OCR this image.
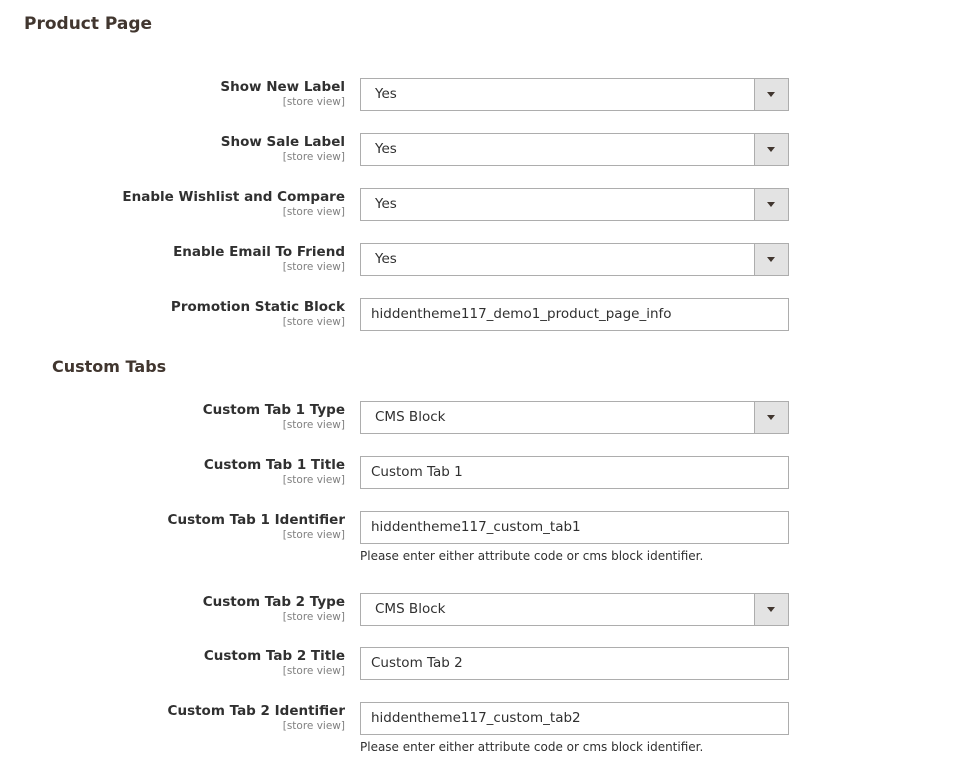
Product Page
Show New Label
[store view] Yes
Show Sale Label
[store view] Yes
Enable Wishlist and Compare
[store view] Yes
Enable Email To Friend
[store view] Yes
Promotion Static Block
[store view] hiddentheme117_demo1_product_page_info
Custom Tabs
Custom Tab 1 Type
[store view] CMS Block
Custom Tab 1 Title
[store view] Custom Tab 1
Custom Tab 1 Identifier
[store view] hiddentheme117_custom_tab1
Please enter either attribute code or cms block identifier.
Custom Tab 2 Type
[store view] CMS Block
Custom Tab 2 Title
[store view] Custom Tab 2
Custom Tab 2 Identifier
[store view] hiddentheme117_custom_tab2
Please enter either attribute code or cms block identifier.
